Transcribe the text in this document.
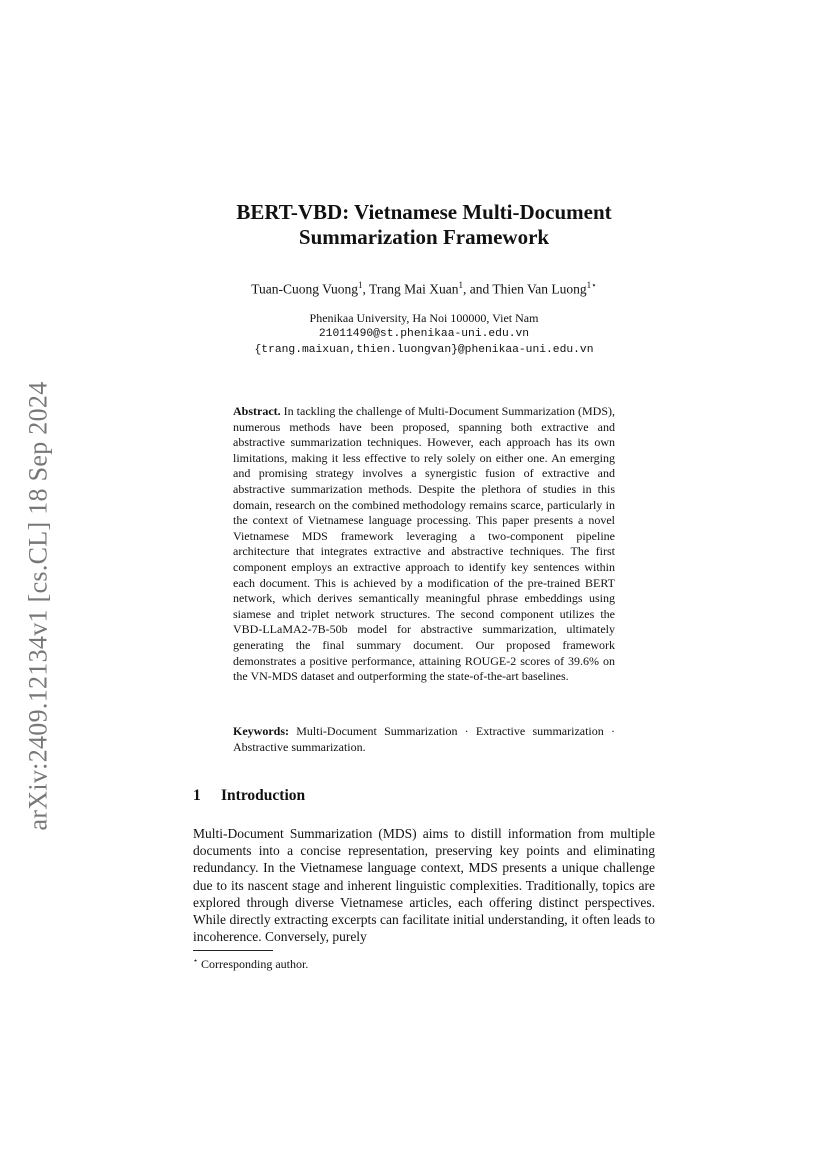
arXiv:2409.12134v1 [cs.CL] 18 Sep 2024
BERT-VBD: Vietnamese Multi-Document
Summarization Framework
Tuan-Cuong Vuong$^1$, Trang Mai Xuan$^1$, and Thien Van Luong$^{1⋆}$
Phenikaa University, Ha Noi 100000, Viet Nam
21011490@st.phenikaa-uni.edu.vn
{trang.maixuan,thien.luongvan}@phenikaa-uni.edu.vn

Abstract. In tackling the challenge of Multi-Document Summarization (MDS), numerous methods have been proposed, spanning both extractive and abstractive summarization techniques. However, each approach has its own limitations, making it less effective to rely solely on either one. An emerging and promising strategy involves a synergistic fusion of extractive and abstractive summarization methods. Despite the plethora of studies in this domain, research on the combined methodology remains scarce, particularly in the context of Vietnamese language processing. This paper presents a novel Vietnamese MDS framework leveraging a two-component pipeline architecture that integrates extractive and abstractive techniques. The first component employs an extractive approach to identify key sentences within each document. This is achieved by a modification of the pre-trained BERT network, which derives semantically meaningful phrase embeddings using siamese and triplet network structures. The second component utilizes the VBD-LLaMA2-7B-50b model for abstractive summarization, ultimately generating the final summary document. Our proposed framework demonstrates a positive performance, attaining ROUGE-2 scores of 39.6% on the VN-MDS dataset and outperforming the state-of-the-art baselines.

Keywords: Multi-Document Summarization · Extractive summarization · Abstractive summarization.

1 Introduction

Multi-Document Summarization (MDS) aims to distill information from multiple documents into a concise representation, preserving key points and eliminating redundancy. In the Vietnamese language context, MDS presents a unique challenge due to its nascent stage and inherent linguistic complexities. Traditionally, topics are explored through diverse Vietnamese articles, each offering distinct perspectives. While directly extracting excerpts can facilitate initial understanding, it often leads to incoherence. Conversely, purely

⋆ Corresponding author.
